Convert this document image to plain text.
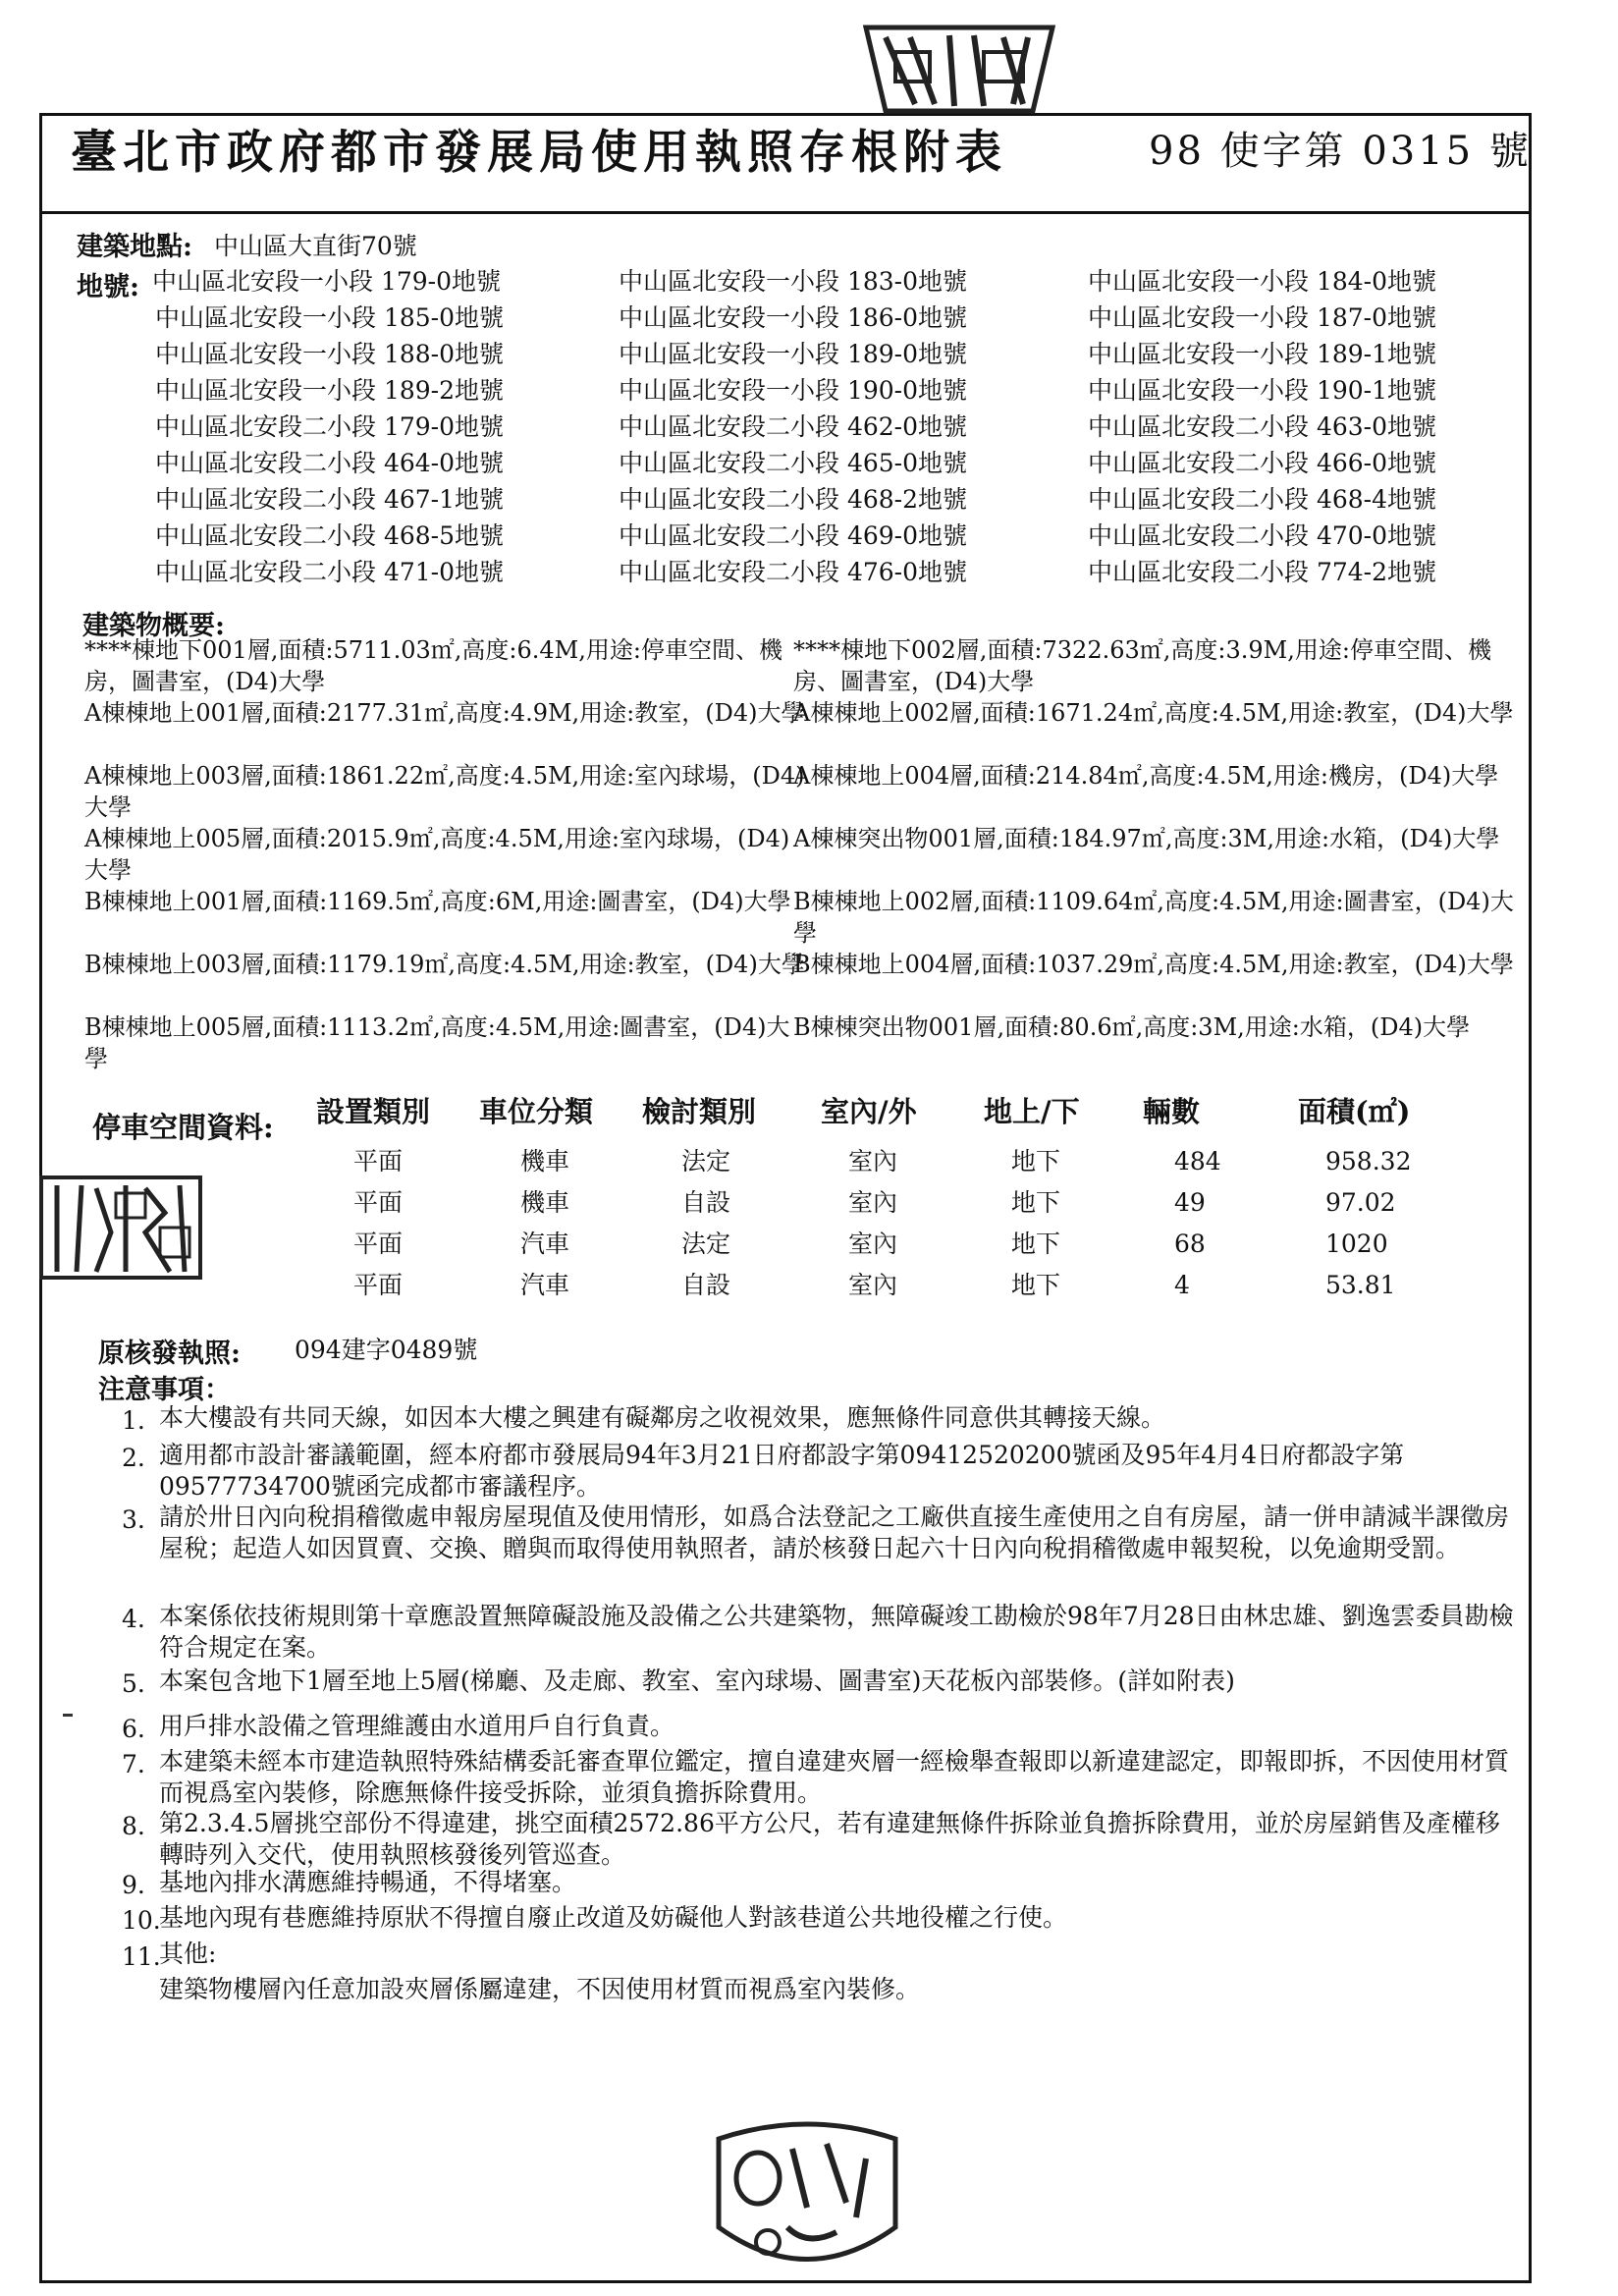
臺北市政府都市發展局使用執照存根附表	98 使字第 0315 號
建築地點: 中山區大直街70號
地號: 中山區北安段一小段 179-0地號	中山區北安段一小段 183-0地號	中山區北安段一小段 184-0地號
中山區北安段一小段 185-0地號	中山區北安段一小段 186-0地號	中山區北安段一小段 187-0地號
中山區北安段一小段 188-0地號	中山區北安段一小段 189-0地號	中山區北安段一小段 189-1地號
中山區北安段一小段 189-2地號	中山區北安段一小段 190-0地號	中山區北安段一小段 190-1地號
中山區北安段二小段 179-0地號	中山區北安段二小段 462-0地號	中山區北安段二小段 463-0地號
中山區北安段二小段 464-0地號	中山區北安段二小段 465-0地號	中山區北安段二小段 466-0地號
中山區北安段二小段 467-1地號	中山區北安段二小段 468-2地號	中山區北安段二小段 468-4地號
中山區北安段二小段 468-5地號	中山區北安段二小段 469-0地號	中山區北安段二小段 470-0地號
中山區北安段二小段 471-0地號	中山區北安段二小段 476-0地號	中山區北安段二小段 774-2地號
建築物概要:
****棟地下001層,面積:5711.03㎡,高度:6.4M,用途:停車空間、機房，圖書室，(D4)大學
A棟棟地上001層,面積:2177.31㎡,高度:4.9M,用途:教室，(D4)大學
A棟棟地上003層,面積:1861.22㎡,高度:4.5M,用途:室內球場，(D4)大學
A棟棟地上005層,面積:2015.9㎡,高度:4.5M,用途:室內球場，(D4)大學
B棟棟地上001層,面積:1169.5㎡,高度:6M,用途:圖書室，(D4)大學
B棟棟地上003層,面積:1179.19㎡,高度:4.5M,用途:教室，(D4)大學
B棟棟地上005層,面積:1113.2㎡,高度:4.5M,用途:圖書室，(D4)大學
****棟地下002層,面積:7322.63㎡,高度:3.9M,用途:停車空間、機房、圖書室，(D4)大學
A棟棟地上002層,面積:1671.24㎡,高度:4.5M,用途:教室，(D4)大學
A棟棟地上004層,面積:214.84㎡,高度:4.5M,用途:機房，(D4)大學
A棟棟突出物001層,面積:184.97㎡,高度:3M,用途:水箱，(D4)大學
B棟棟地上002層,面積:1109.64㎡,高度:4.5M,用途:圖書室，(D4)大學
B棟棟地上004層,面積:1037.29㎡,高度:4.5M,用途:教室，(D4)大學
B棟棟突出物001層,面積:80.6㎡,高度:3M,用途:水箱，(D4)大學
停車空間資料: 設置類別 車位分類 檢討類別 室內/外 地上/下 輛數	面積(㎡)
平面	機車	法定	室內	地下	484	958.32
平面	機車	自設	室內	地下	49	97.02
平面	汽車	法定	室內	地下	68	1020
平面	汽車	自設	室內	地下	4	53.81
原核發執照: 094建字0489號
注意事項：
1. 本大樓設有共同天線，如因本大樓之興建有礙鄰房之收視效果，應無條件同意供其轉接天線。
2. 適用都市設計審議範圍，經本府都市發展局94年3月21日府都設字第09412520200號函及95年4月4日府都設字第09577734700號函完成都市審議程序。
3. 請於卅日內向稅捐稽徵處申報房屋現值及使用情形，如爲合法登記之工廠供直接生產使用之自有房屋，請一併申請減半課徵房屋稅；起造人如因買賣、交換、贈與而取得使用執照者，請於核發日起六十日內向稅捐稽徵處申報契稅，以免逾期受罰。
4. 本案係依技術規則第十章應設置無障礙設施及設備之公共建築物，無障礙竣工勘檢於98年7月28日由林忠雄、劉逸雲委員勘檢符合規定在案。
5. 本案包含地下1層至地上5層(梯廳、及走廊、教室、室內球場、圖書室)天花板內部裝修。(詳如附表)
6. 用戶排水設備之管理維護由水道用戶自行負責。
7. 本建築未經本市建造執照特殊結構委託審查單位鑑定，擅自違建夾層一經檢舉查報即以新違建認定，即報即拆，不因使用材質而視爲室內裝修，除應無條件接受拆除，並須負擔拆除費用。
8. 第2.3.4.5層挑空部份不得違建，挑空面積2572.86平方公尺，若有違建無條件拆除並負擔拆除費用，並於房屋銷售及產權移轉時列入交代，使用執照核發後列管巡查。
9. 基地內排水溝應維持暢通，不得堵塞。
10.
基地內現有巷應維持原狀不得擅自廢止改道及妨礙他人對該巷道公共地役權之行使。
11.
其他:
建築物樓層內任意加設夾層係屬違建，不因使用材質而視爲室內裝修。
